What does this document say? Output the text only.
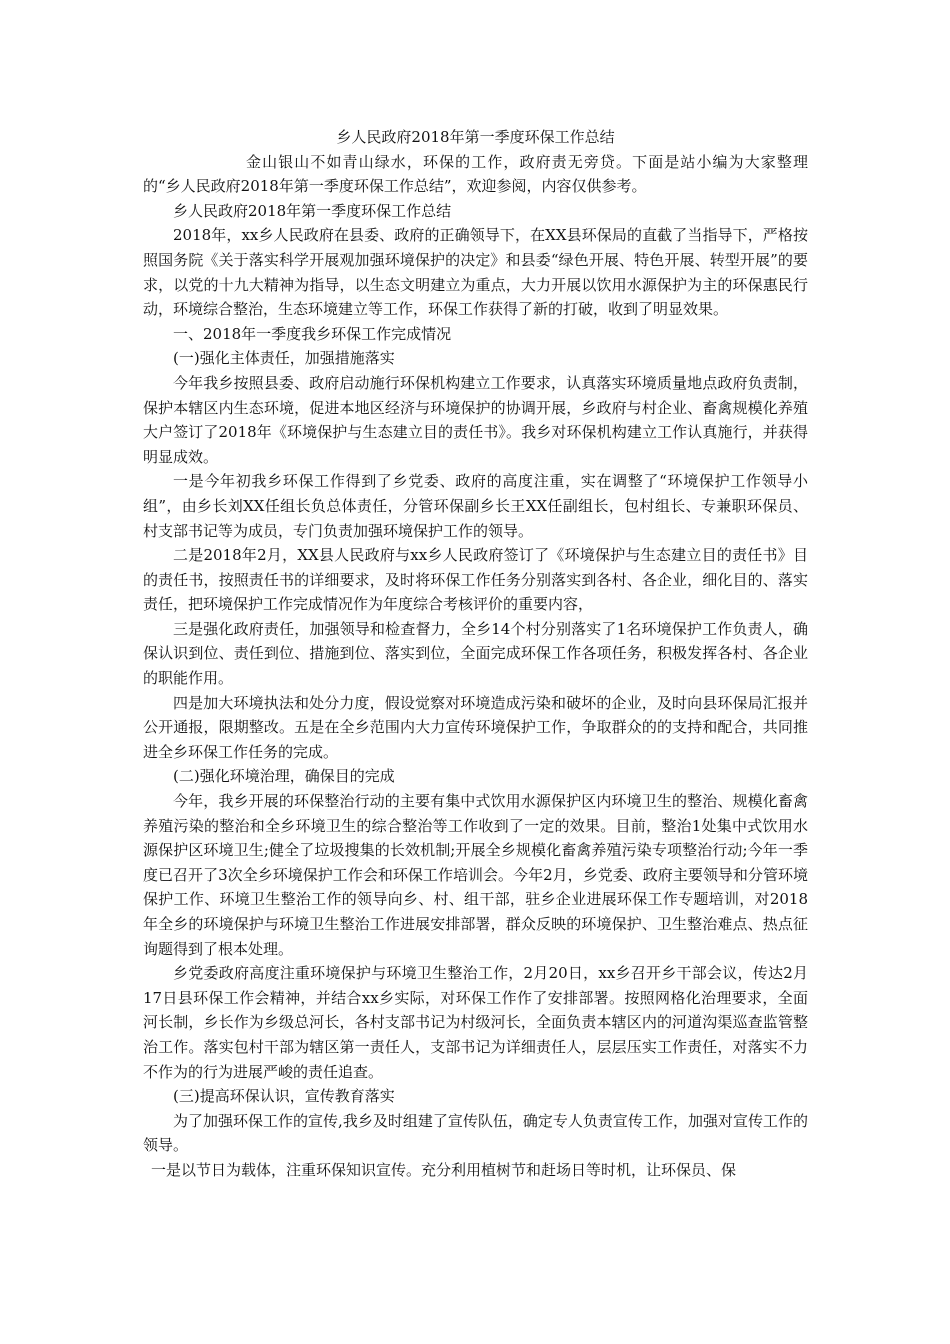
乡人民政府2018年第一季度环保工作总结

金山银山不如青山绿水，环保的工作，政府责无旁贷。下面是站小编为大家整理的“乡人民政府2018年第一季度环保工作总结”，欢迎参阅，内容仅供参考。

乡人民政府2018年第一季度环保工作总结

2018年，xx乡人民政府在县委、政府的正确领导下，在XX县环保局的直截了当指导下，严格按照国务院《关于落实科学开展观加强环境保护的决定》和县委“绿色开展、特色开展、转型开展”的要求，以党的十九大精神为指导，以生态文明建立为重点，大力开展以饮用水源保护为主的环保惠民行动，环境综合整治，生态环境建立等工作，环保工作获得了新的打破，收到了明显效果。

一、2018年一季度我乡环保工作完成情况

(一)强化主体责任，加强措施落实

今年我乡按照县委、政府启动施行环保机构建立工作要求，认真落实环境质量地点政府负责制，保护本辖区内生态环境，促进本地区经济与环境保护的协调开展，乡政府与村企业、畜禽规模化养殖大户签订了2018年《环境保护与生态建立目的责任书》。我乡对环保机构建立工作认真施行，并获得明显成效。

一是今年初我乡环保工作得到了乡党委、政府的高度注重，实在调整了“环境保护工作领导小组”，由乡长刘XX任组长负总体责任，分管环保副乡长王XX任副组长，包村组长、专兼职环保员、村支部书记等为成员，专门负责加强环境保护工作的领导。

二是2018年2月，XX县人民政府与xx乡人民政府签订了《环境保护与生态建立目的责任书》目的责任书，按照责任书的详细要求，及时将环保工作任务分别落实到各村、各企业，细化目的、落实责任，把环境保护工作完成情况作为年度综合考核评价的重要内容，

三是强化政府责任，加强领导和检查督力，全乡14个村分别落实了1名环境保护工作负责人，确保认识到位、责任到位、措施到位、落实到位，全面完成环保工作各项任务，积极发挥各村、各企业的职能作用。

四是加大环境执法和处分力度，假设觉察对环境造成污染和破坏的企业，及时向县环保局汇报并公开通报，限期整改。五是在全乡范围内大力宣传环境保护工作，争取群众的的支持和配合，共同推进全乡环保工作任务的完成。

(二)强化环境治理，确保目的完成

今年，我乡开展的环保整治行动的主要有集中式饮用水源保护区内环境卫生的整治、规模化畜禽养殖污染的整治和全乡环境卫生的综合整治等工作收到了一定的效果。目前，整治1处集中式饮用水源保护区环境卫生;健全了垃圾搜集的长效机制;开展全乡规模化畜禽养殖污染专项整治行动;今年一季度已召开了3次全乡环境保护工作会和环保工作培训会。今年2月，乡党委、政府主要领导和分管环境保护工作、环境卫生整治工作的领导向乡、村、组干部，驻乡企业进展环保工作专题培训，对2018年全乡的环境保护与环境卫生整治工作进展安排部署，群众反映的环境保护、卫生整治难点、热点征询题得到了根本处理。

乡党委政府高度注重环境保护与环境卫生整治工作，2月20日，xx乡召开乡干部会议，传达2月17日县环保工作会精神，并结合xx乡实际，对环保工作作了安排部署。按照网格化治理要求，全面河长制，乡长作为乡级总河长，各村支部书记为村级河长，全面负责本辖区内的河道沟渠巡查监管整治工作。落实包村干部为辖区第一责任人，支部书记为详细责任人，层层压实工作责任，对落实不力不作为的行为进展严峻的责任追查。

(三)提高环保认识，宣传教育落实

为了加强环保工作的宣传,我乡及时组建了宣传队伍，确定专人负责宣传工作，加强对宣传工作的领导。

一是以节日为载体，注重环保知识宣传。充分利用植树节和赶场日等时机，让环保员、保
